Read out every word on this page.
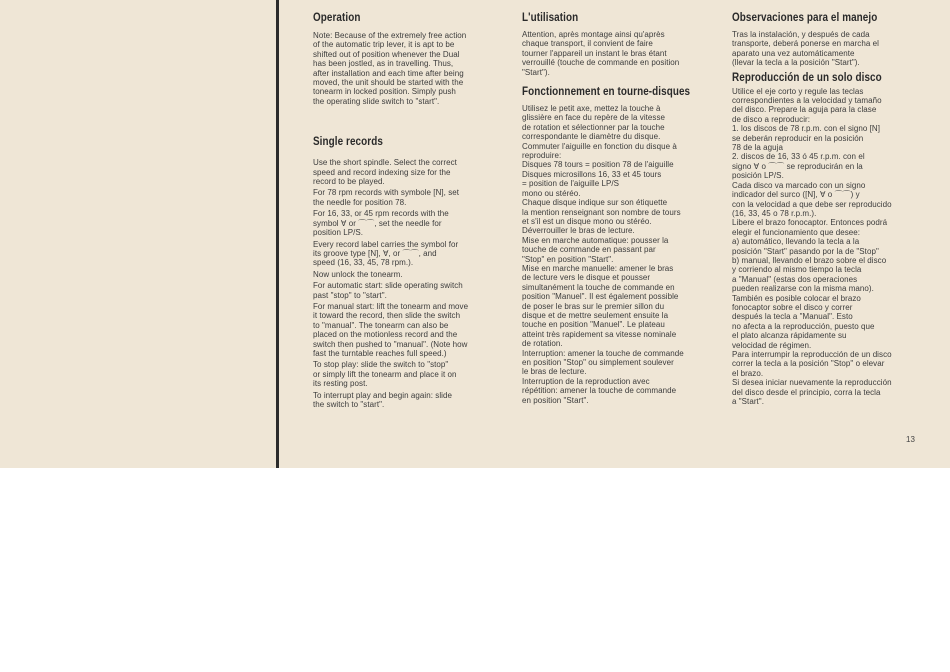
Operation

Note: Because of the extremely free action

of the automatic trip lever, it is apt to be

shifted out of position whenever the Dual

has been jostled, as in travelling. Thus,

after installation and each time after being

moved, the unit should be started with the

tonearm in locked position. Simply push

the operating slide switch to "start".

Single records

Use the short spindle. Select the correct

speed and record indexing size for the

record to be played.

For 78 rpm records with symbole [N], set

the needle for position 78.

For 16, 33, or 45 rpm records with the

symbol ∀ or ⌒⌒, set the needle for

position LP/S.

Every record label carries the symbol for

its groove type [N], ∀, or ⌒⌒, and

speed (16, 33, 45, 78 rpm.).

Now unlock the tonearm.

For automatic start: slide operating switch

past "stop" to "start".

For manual start: lift the tonearm and move

it toward the record, then slide the switch

to "manual". The tonearm can also be

placed on the motionless record and the

switch then pushed to "manual". (Note how

fast the turntable reaches full speed.)

To stop play: slide the switch to "stop"

or simply lift the tonearm and place it on

its resting post.

To interrupt play and begin again: slide

the switch to "start".

L'utilisation

Attention, après montage ainsi qu'après

chaque transport, il convient de faire

tourner l'appareil un instant le bras étant

verrouillé (touche de commande en position

"Start").

Fonctionnement en tourne-disques

Utilisez le petit axe, mettez la touche à

glissière en face du repère de la vitesse

de rotation et sélectionner par la touche

correspondante le diamètre du disque.

Commuter l'aiguille en fonction du disque à

reproduire:

Disques 78 tours = position 78 de l'aiguille

Disques microsillons 16, 33 et 45 tours

= position de l'aiguille LP/S

mono ou stéréo.

Chaque disque indique sur son étiquette

la mention renseignant son nombre de tours

et s'il est un disque mono ou stéréo.

Déverrouiller le bras de lecture.

Mise en marche automatique: pousser la

touche de commande en passant par

"Stop" en position "Start".

Mise en marche manuelle: amener le bras

de lecture vers le disque et pousser

simultanément la touche de commande en

position "Manuel". Il est également possible

de poser le bras sur le premier sillon du

disque et de mettre seulement ensuite la

touche en position "Manuel". Le plateau

atteint très rapidement sa vitesse nominale

de rotation.

Interruption: amener la touche de commande

en position "Stop" ou simplement soulever

le bras de lecture.

Interruption de la reproduction avec

répétition: amener la touche de commande

en position "Start".

Observaciones para el manejo

Tras la instalación, y después de cada

transporte, deberá ponerse en marcha el

aparato una vez automáticamente

(llevar la tecla a la posición "Start").

Reproducción de un solo disco

Utilice el eje corto y regule las teclas

correspondientes a la velocidad y tamaño

del disco. Prepare la aguja para la clase

de disco a reproducir:

1. los discos de 78 r.p.m. con el signo [N]

se deberán reproducir en la posición

78 de la aguja

2. discos de 16, 33 ó 45 r.p.m. con el

signo ∀ o ⌒⌒ se reproducirán en la

posición LP/S.

Cada disco va marcado con un signo

indicador del surco ([N], ∀ o ⌒⌒) y

con la velocidad a que debe ser reproducido

(16, 33, 45 o 78 r.p.m.).

Libere el brazo fonocaptor. Entonces podrá

elegir el funcionamiento que desee:

a) automático, llevando la tecla a la

posición "Start" pasando por la de "Stop"

b) manual, llevando el brazo sobre el disco

y corriendo al mismo tiempo la tecla

a "Manual" (estas dos operaciones

pueden realizarse con la misma mano).

También es posible colocar el brazo

fonocaptor sobre el disco y correr

después la tecla a "Manual". Esto

no afecta a la reproducción, puesto que

el plato alcanza rápidamente su

velocidad de régimen.

Para interrumpir la reproducción de un disco

correr la tecla a la posición "Stop" o elevar

el brazo.

Si desea iniciar nuevamente la reproducción

del disco desde el principio, corra la tecla

a "Start".

13
